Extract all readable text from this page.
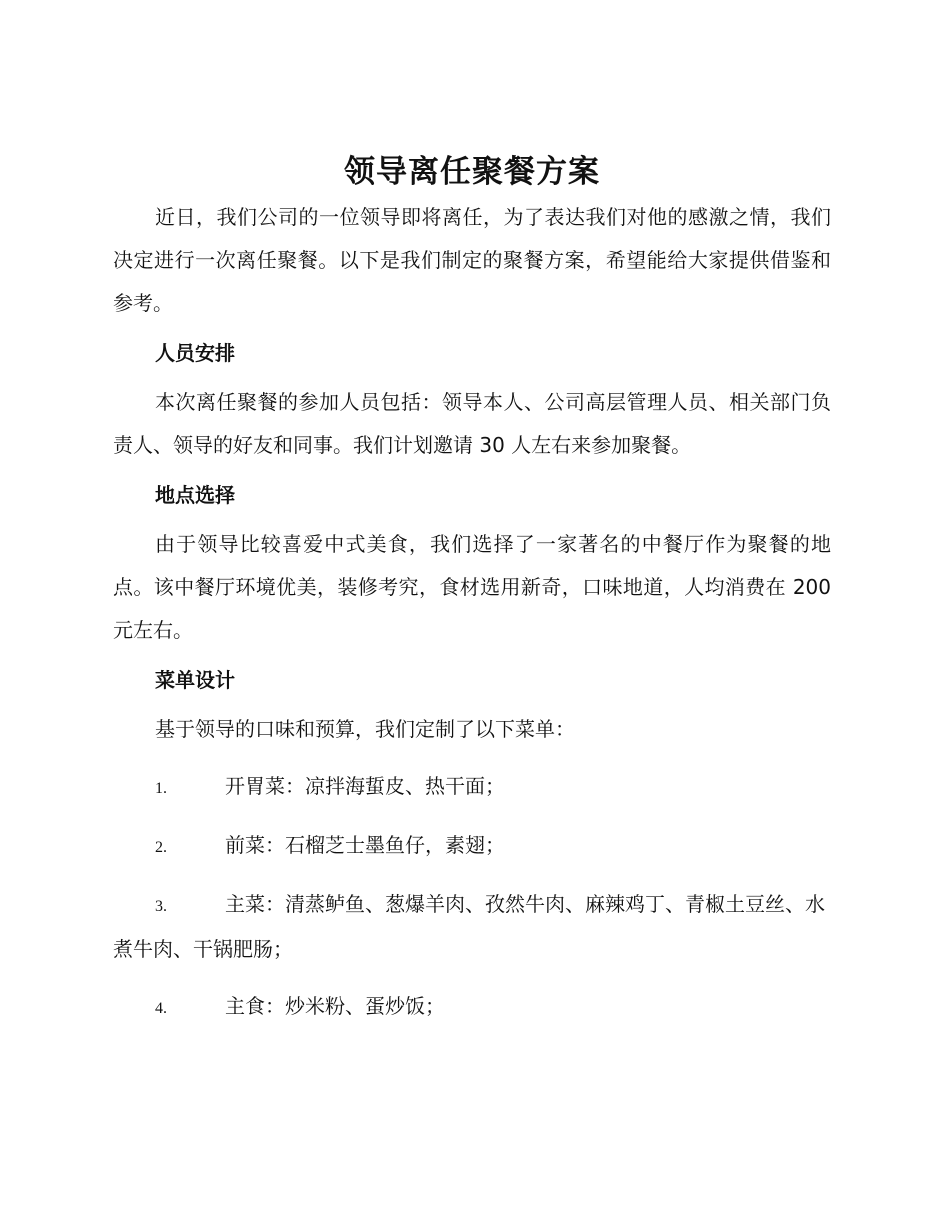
领导离任聚餐方案

近日，我们公司的一位领导即将离任，为了表达我们对他的感激之情，我们决定进行一次离任聚餐。以下是我们制定的聚餐方案，希望能给大家提供借鉴和参考。

人员安排

本次离任聚餐的参加人员包括：领导本人、公司高层管理人员、相关部门负责人、领导的好友和同事。我们计划邀请 30 人左右来参加聚餐。

地点选择

由于领导比较喜爱中式美食，我们选择了一家著名的中餐厅作为聚餐的地点。该中餐厅环境优美，装修考究，食材选用新奇，口味地道，人均消费在 200 元左右。

菜单设计

基于领导的口味和预算，我们定制了以下菜单：

1.	开胃菜：凉拌海蜇皮、热干面；

2.	前菜：石榴芝士墨鱼仔，素翅；

3.	主菜：清蒸鲈鱼、葱爆羊肉、孜然牛肉、麻辣鸡丁、青椒土豆丝、水煮牛肉、干锅肥肠；

4.	主食：炒米粉、蛋炒饭；
